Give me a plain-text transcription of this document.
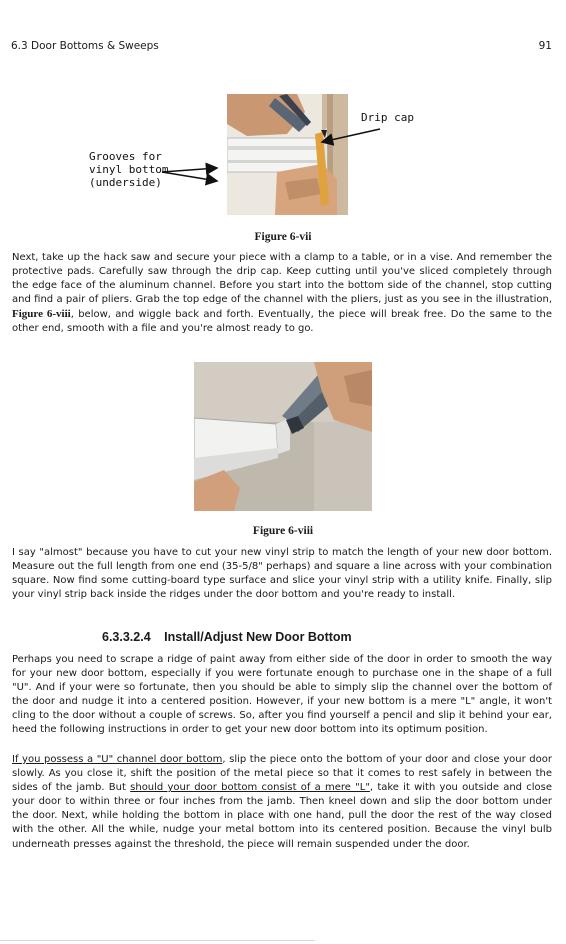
6.3 Door Bottoms & Sweeps	91
Drip cap
Grooves for
vinyl bottom
(underside)
Figure 6-vii

Next, take up the hack saw and secure your piece with a clamp to a table, or in a vise. And remember the protective pads. Carefully saw through the drip cap. Keep cutting until you've sliced completely through the edge face of the aluminum channel. Before you start into the bottom side of the channel, stop cutting and find a pair of pliers. Grab the top edge of the channel with the pliers, just as you see in the illustration, Figure 6-viii, below, and wiggle back and forth. Eventually, the piece will break free. Do the same to the other end, smooth with a file and you're almost ready to go.

Figure 6-viii

I say "almost" because you have to cut your new vinyl strip to match the length of your new door bottom. Measure out the full length from one end (35-5/8" perhaps) and square a line across with your combination square. Now find some cutting-board type surface and slice your vinyl strip with a utility knife. Finally, slip your vinyl strip back inside the ridges under the door bottom and you're ready to install.

6.3.3.2.4 Install/Adjust New Door Bottom

Perhaps you need to scrape a ridge of paint away from either side of the door in order to smooth the way for your new door bottom, especially if you were fortunate enough to purchase one in the shape of a full "U". And if your were so fortunate, then you should be able to simply slip the channel over the bottom of the door and nudge it into a centered position. However, if your new bottom is a mere "L" angle, it won't cling to the door without a couple of screws. So, after you find yourself a pencil and slip it behind your ear, heed the following instructions in order to get your new door bottom into its optimum position.

If you possess a "U" channel door bottom, slip the piece onto the bottom of your door and close your door slowly. As you close it, shift the position of the metal piece so that it comes to rest safely in between the sides of the jamb. But should your door bottom consist of a mere "L", take it with you outside and close your door to within three or four inches from the jamb. Then kneel down and slip the door bottom under the door. Next, while holding the bottom in place with one hand, pull the door the rest of the way closed with the other. All the while, nudge your metal bottom into its centered position. Because the vinyl bulb underneath presses against the threshold, the piece will remain suspended under the door.
